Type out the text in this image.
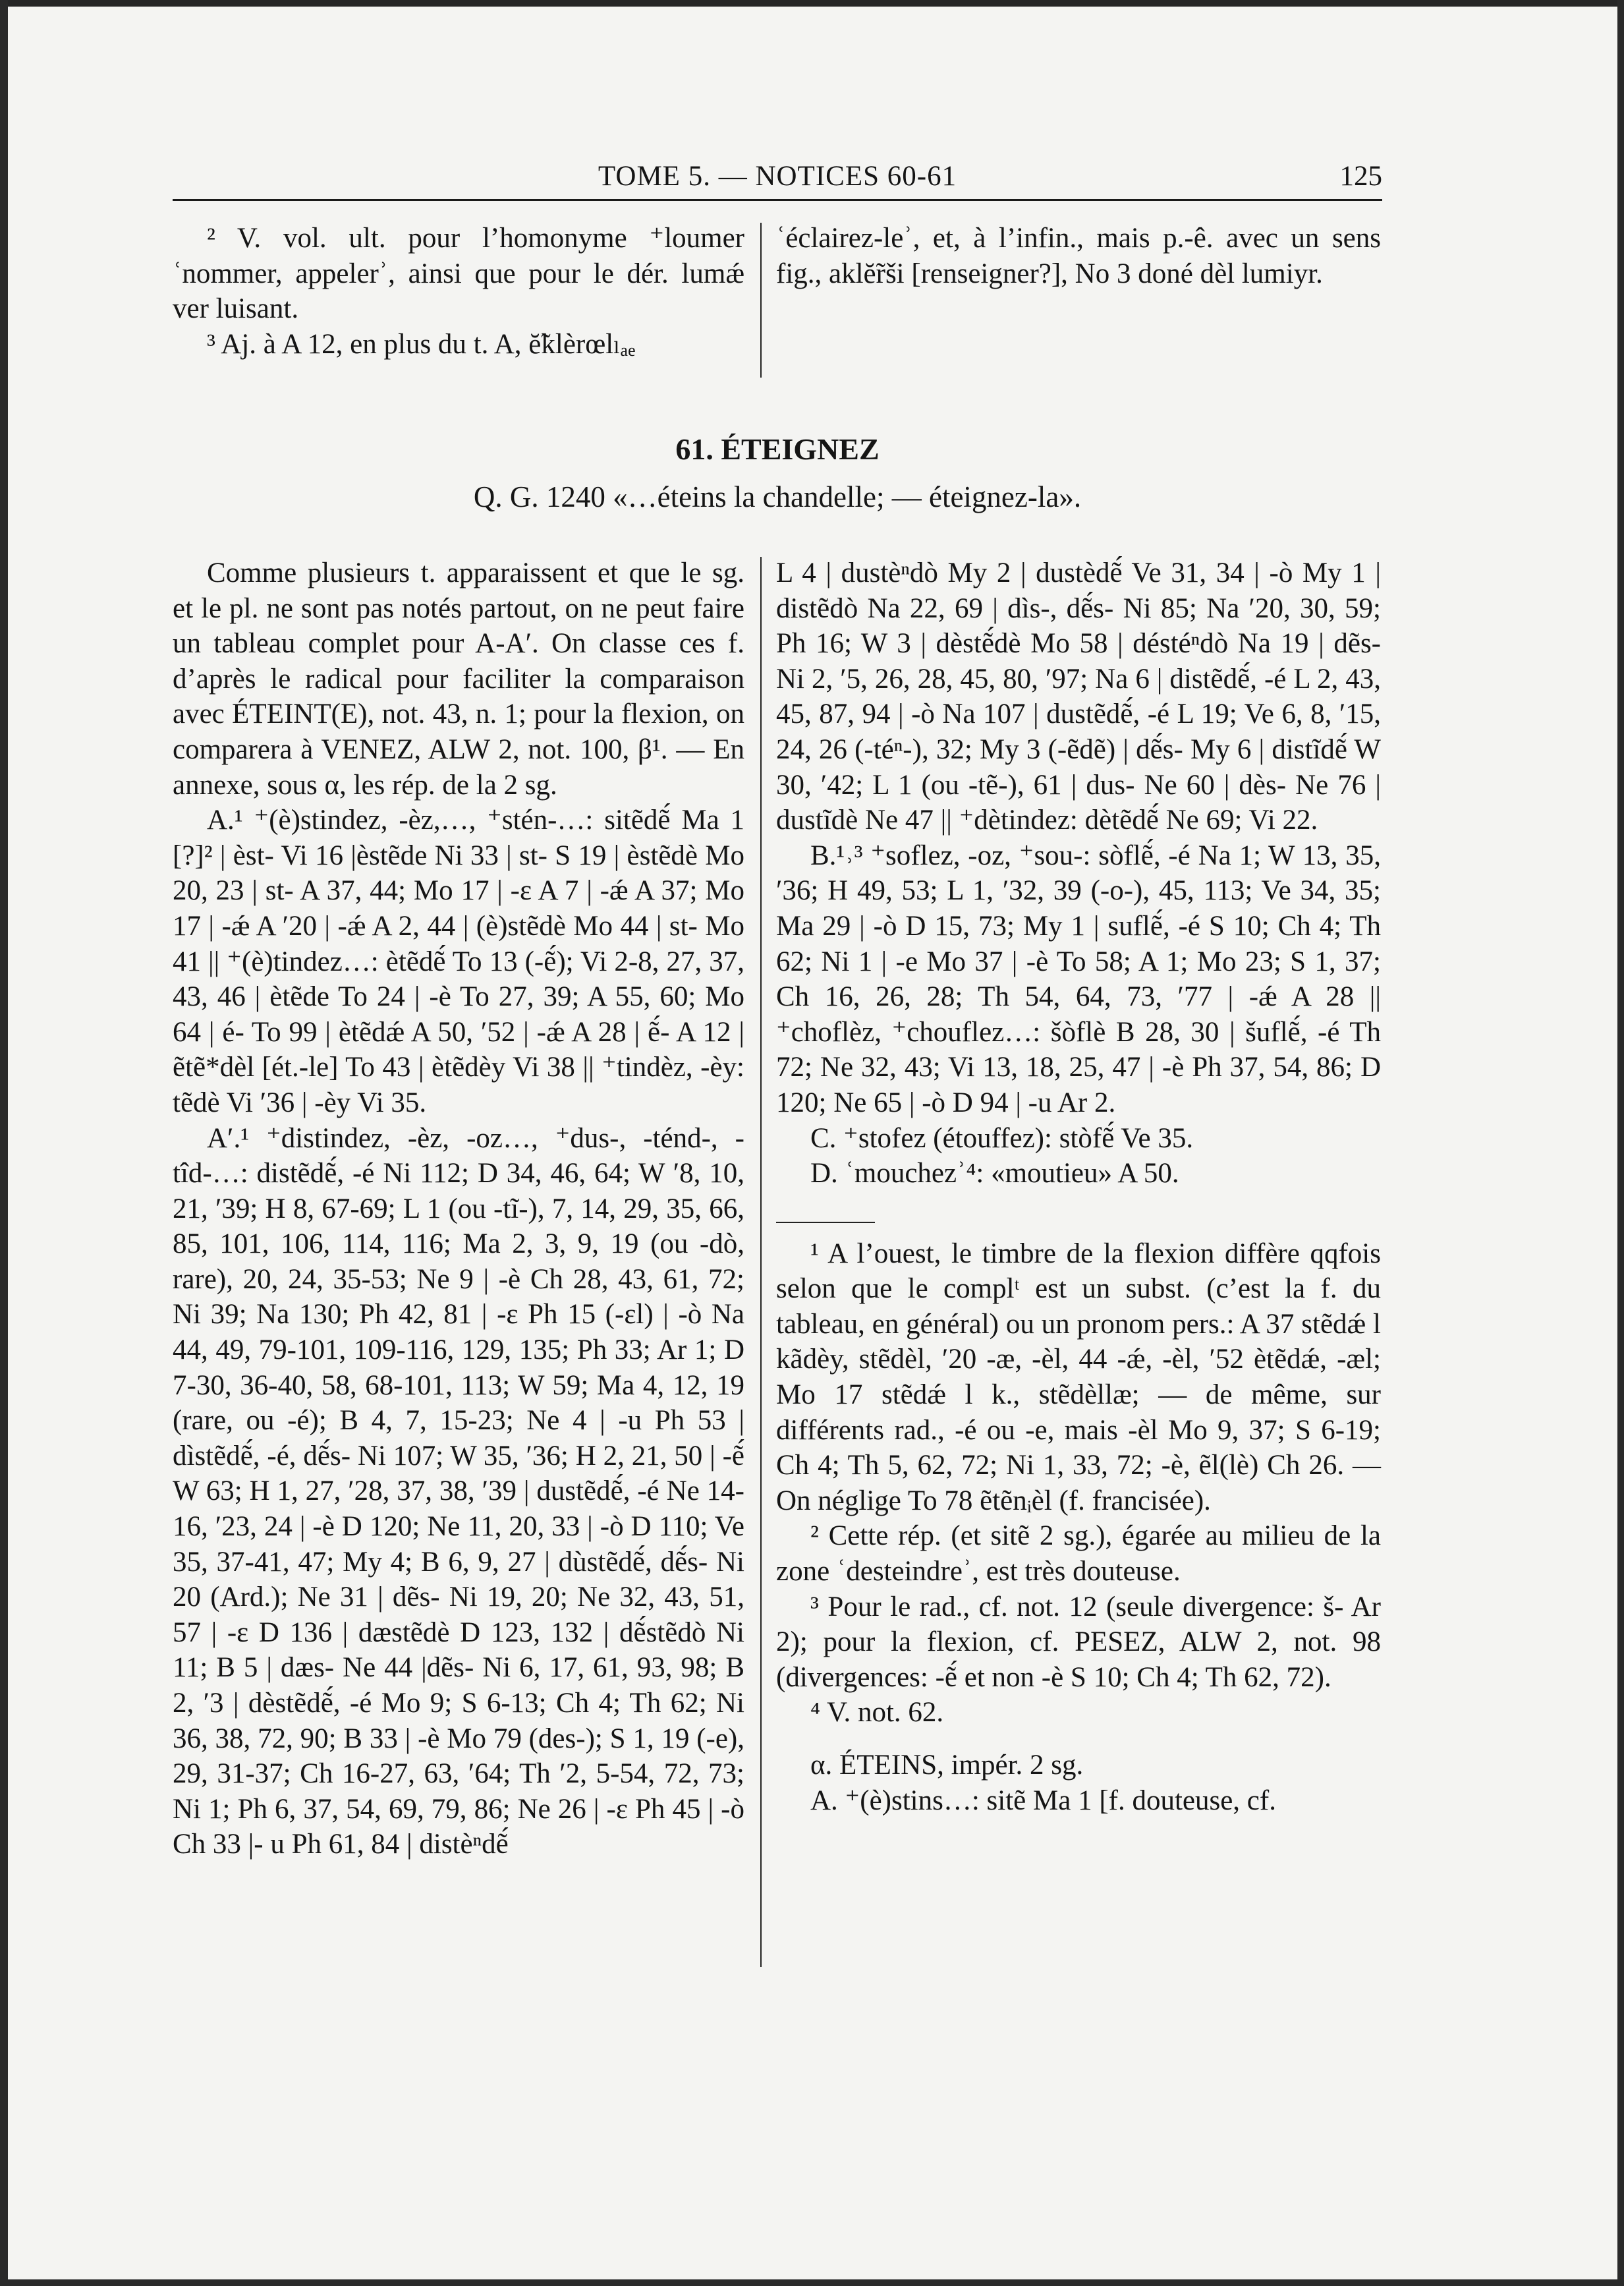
TOME 5. — NOTICES 60-61	125

² V. vol. ult. pour l’homonyme ⁺loumer ʿnommer, appelerʾ, ainsi que pour le dér. lumǽ ver luisant.

³ Aj. à A 12, en plus du t. A, ĕ̃klèrœlₗₐₑ

ʿéclairez-leʾ, et, à l’infin., mais p.-ê. avec un sens fig., aklĕ̃rši [renseigner?], No 3 doné dèl lumiyr.

61. ÉTEIGNEZ
Q. G. 1240 «…éteins la chandelle; — éteignez-la».

Comme plusieurs t. apparaissent et que le sg. et le pl. ne sont pas notés partout, on ne peut faire un tableau complet pour A-A′. On classe ces f. d’après le radical pour faciliter la comparaison avec ÉTEINT(E), not. 43, n. 1; pour la flexion, on comparera à VENEZ, ALW 2, not. 100, β¹. — En annexe, sous α, les rép. de la 2 sg.

A.¹ ⁺(è)stindez, -èz,…, ⁺stén-…: sitẽdẽ́ Ma 1 [?]² | èst- Vi 16 |èstẽde Ni 33 | st- S 19 | èstẽdè Mo 20, 23 | st- A 37, 44; Mo 17 | -ɛ A 7 | -ǽ A 37; Mo 17 | -ǽ A ′20 | -ǽ A 2, 44 | (è)stẽdè Mo 44 | st- Mo 41 || ⁺(è)tindez…: ètẽdẽ́ To 13 (-ẽ́); Vi 2-8, 27, 37, 43, 46 | ètẽde To 24 | -è To 27, 39; A 55, 60; Mo 64 | é- To 99 | ètẽdǽ A 50, ′52 | -ǽ A 28 | ẽ́- A 12 | ẽtẽ*dèl [ét.-le] To 43 | ètẽdèy Vi 38 || ⁺tindèz, -èy: tẽdè Vi ′36 | -èy Vi 35.

A′.¹ ⁺distindez, -èz, -oz…, ⁺dus-, -ténd-, -tîd-…: distẽdẽ́, -é Ni 112; D 34, 46, 64; W ′8, 10, 21, ′39; H 8, 67-69; L 1 (ou -tĩ-), 7, 14, 29, 35, 66, 85, 101, 106, 114, 116; Ma 2, 3, 9, 19 (ou -dò, rare), 20, 24, 35-53; Ne 9 | -è Ch 28, 43, 61, 72; Ni 39; Na 130; Ph 42, 81 | -ɛ Ph 15 (-ɛl) | -ò Na 44, 49, 79-101, 109-116, 129, 135; Ph 33; Ar 1; D 7-30, 36-40, 58, 68-101, 113; W 59; Ma 4, 12, 19 (rare, ou -é); B 4, 7, 15-23; Ne 4 | -u Ph 53 | dìstẽdẽ́, -é, dẽ́s- Ni 107; W 35, ′36; H 2, 21, 50 | -ẽ́ W 63; H 1, 27, ′28, 37, 38, ′39 | dustẽdẽ́, -é Ne 14-16, ′23, 24 | -è D 120; Ne 11, 20, 33 | -ò D 110; Ve 35, 37-41, 47; My 4; B 6, 9, 27 | dùstẽdẽ́, dẽ́s- Ni 20 (Ard.); Ne 31 | dẽs- Ni 19, 20; Ne 32, 43, 51, 57 | -ɛ D 136 | dæstẽdè D 123, 132 | dẽ́stẽdò Ni 11; B 5 | dæs- Ne 44 |dẽs- Ni 6, 17, 61, 93, 98; B 2, ′3 | dèstẽdẽ́, -é Mo 9; S 6-13; Ch 4; Th 62; Ni 36, 38, 72, 90; B 33 | -è Mo 79 (des-); S 1, 19 (-e), 29, 31-37; Ch 16-27, 63, ′64; Th ′2, 5-54, 72, 73; Ni 1; Ph 6, 37, 54, 69, 79, 86; Ne 26 | -ɛ Ph 45 | -ò Ch 33 |- u Ph 61, 84 | distèⁿdẽ́

L 4 | dustèⁿdò My 2 | dustèdẽ́ Ve 31, 34 | -ò My 1 | distẽdò Na 22, 69 | dìs-, dẽ́s- Ni 85; Na ′20, 30, 59; Ph 16; W 3 | dèstẽ́dè Mo 58 | déstéⁿdò Na 19 | dẽs- Ni 2, ′5, 26, 28, 45, 80, ′97; Na 6 | distẽdẽ́, -é L 2, 43, 45, 87, 94 | -ò Na 107 | dustẽdẽ́, -é L 19; Ve 6, 8, ′15, 24, 26 (-téⁿ-), 32; My 3 (-ẽdẽ) | dẽ́s- My 6 | distĩdẽ́ W 30, ′42; L 1 (ou -tẽ-), 61 | dus- Ne 60 | dès- Ne 76 | dustĩdè Ne 47 || ⁺dètindez: dètẽdẽ́ Ne 69; Vi 22.

B.¹˒³ ⁺soflez, -oz, ⁺sou-: sòflẽ́, -é Na 1; W 13, 35, ′36; H 49, 53; L 1, ′32, 39 (-o-), 45, 113; Ve 34, 35; Ma 29 | -ò D 15, 73; My 1 | suflẽ́, -é S 10; Ch 4; Th 62; Ni 1 | -e Mo 37 | -è To 58; A 1; Mo 23; S 1, 37; Ch 16, 26, 28; Th 54, 64, 73, ′77 | -ǽ A 28 || ⁺choflèz, ⁺chouflez…: šòflè B 28, 30 | šuflẽ́, -é Th 72; Ne 32, 43; Vi 13, 18, 25, 47 | -è Ph 37, 54, 86; D 120; Ne 65 | -ò D 94 | -u Ar 2.

C. ⁺stofez (étouffez): stòfẽ́ Ve 35.

D. ʿmouchezʾ⁴: «moutieu» A 50.

¹ A l’ouest, le timbre de la flexion diffère qqfois selon que le complᵗ est un subst. (c’est la f. du tableau, en général) ou un pronom pers.: A 37 stẽdǽ l kãdèy, stẽdèl, ′20 -æ, -èl, 44 -ǽ, -èl, ′52 ètẽdǽ, -æl; Mo 17 stẽdǽ l k., stẽdèllæ; — de même, sur différents rad., -é ou -e, mais -èl Mo 9, 37; S 6-19; Ch 4; Th 5, 62, 72; Ni 1, 33, 72; -è, ẽl(lè) Ch 26. — On néglige To 78 ẽtẽnᵢèl (f. francisée).

² Cette rép. (et sitẽ 2 sg.), égarée au milieu de la zone ʿdesteindreʾ, est très douteuse.

³ Pour le rad., cf. not. 12 (seule divergence: š- Ar 2); pour la flexion, cf. PESEZ, ALW 2, not. 98 (divergences: -ẽ́ et non -è S 10; Ch 4; Th 62, 72).

⁴ V. not. 62.

α. ÉTEINS, impér. 2 sg.

A. ⁺(è)stins…: sitẽ Ma 1 [f. douteuse, cf.
